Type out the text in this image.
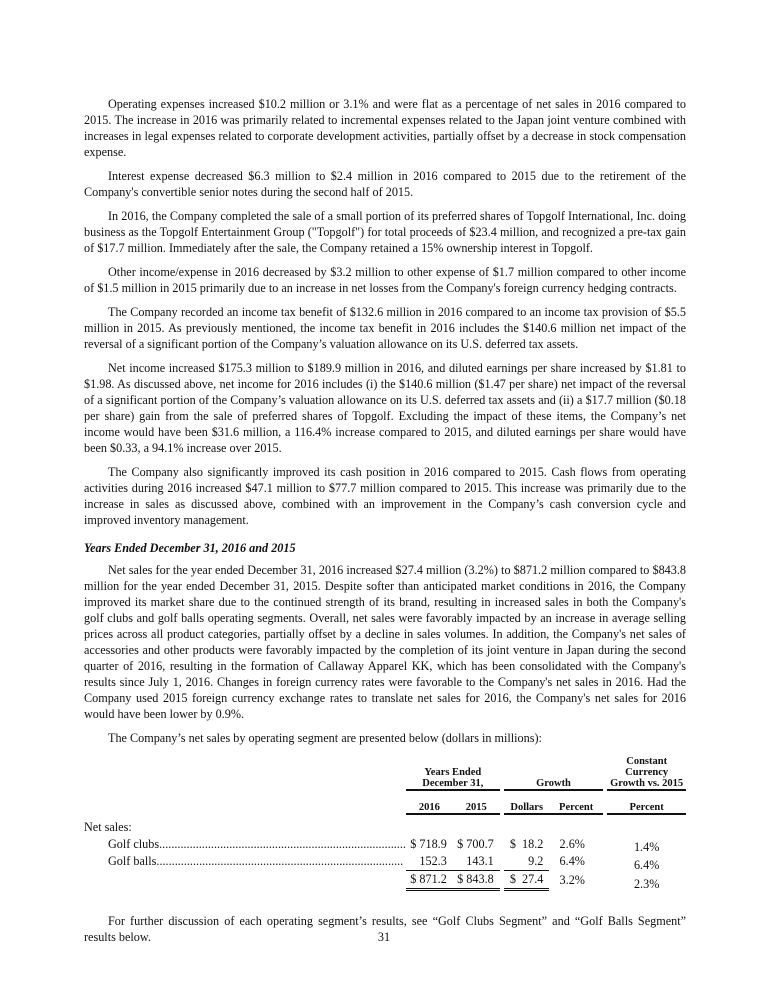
Operating expenses increased $10.2 million or 3.1% and were flat as a percentage of net sales in 2016 compared to 2015. The increase in 2016 was primarily related to incremental expenses related to the Japan joint venture combined with increases in legal expenses related to corporate development activities, partially offset by a decrease in stock compensation expense.

Interest expense decreased $6.3 million to $2.4 million in 2016 compared to 2015 due to the retirement of the Company's convertible senior notes during the second half of 2015.

In 2016, the Company completed the sale of a small portion of its preferred shares of Topgolf International, Inc. doing business as the Topgolf Entertainment Group ("Topgolf") for total proceeds of $23.4 million, and recognized a pre-tax gain of $17.7 million. Immediately after the sale, the Company retained a 15% ownership interest in Topgolf.

Other income/expense in 2016 decreased by $3.2 million to other expense of $1.7 million compared to other income of $1.5 million in 2015 primarily due to an increase in net losses from the Company's foreign currency hedging contracts.

The Company recorded an income tax benefit of $132.6 million in 2016 compared to an income tax provision of $5.5 million in 2015. As previously mentioned, the income tax benefit in 2016 includes the $140.6 million net impact of the reversal of a significant portion of the Company’s valuation allowance on its U.S. deferred tax assets.

Net income increased $175.3 million to $189.9 million in 2016, and diluted earnings per share increased by $1.81 to $1.98. As discussed above, net income for 2016 includes (i) the $140.6 million ($1.47 per share) net impact of the reversal of a significant portion of the Company’s valuation allowance on its U.S. deferred tax assets and (ii) a $17.7 million ($0.18 per share) gain from the sale of preferred shares of Topgolf. Excluding the impact of these items, the Company’s net income would have been $31.6 million, a 116.4% increase compared to 2015, and diluted earnings per share would have been $0.33, a 94.1% increase over 2015.

The Company also significantly improved its cash position in 2016 compared to 2015. Cash flows from operating activities during 2016 increased $47.1 million to $77.7 million compared to 2015. This increase was primarily due to the increase in sales as discussed above, combined with an improvement in the Company’s cash conversion cycle and improved inventory management.

Years Ended December 31, 2016 and 2015

Net sales for the year ended December 31, 2016 increased $27.4 million (3.2%) to $871.2 million compared to $843.8 million for the year ended December 31, 2015. Despite softer than anticipated market conditions in 2016, the Company improved its market share due to the continued strength of its brand, resulting in increased sales in both the Company's golf clubs and golf balls operating segments. Overall, net sales were favorably impacted by an increase in average selling prices across all product categories, partially offset by a decline in sales volumes. In addition, the Company's net sales of accessories and other products were favorably impacted by the completion of its joint venture in Japan during the second quarter of 2016, resulting in the formation of Callaway Apparel KK, which has been consolidated with the Company's results since July 1, 2016. Changes in foreign currency rates were favorable to the Company's net sales in 2016. Had the Company used 2015 foreign currency exchange rates to translate net sales for 2016, the Company's net sales for 2016 would have been lower by 0.9%.

The Company’s net sales by operating segment are presented below (dollars in millions):

	Years Ended December 31,			Growth			Constant Currency Growth vs. 2015
	2016	2015		Dollars	Percent		Percent
Net sales:							
Golf clubs.................................................................................	$ 718.9	$ 700.7		$  18.2	2.6%		1.4%
Golf balls.................................................................................	152.3	143.1		9.2	6.4%		6.4%
	$ 871.2	$ 843.8		$  27.4	3.2%		2.3%

For further discussion of each operating segment’s results, see “Golf Clubs Segment” and “Golf Balls Segment” results below.	31
